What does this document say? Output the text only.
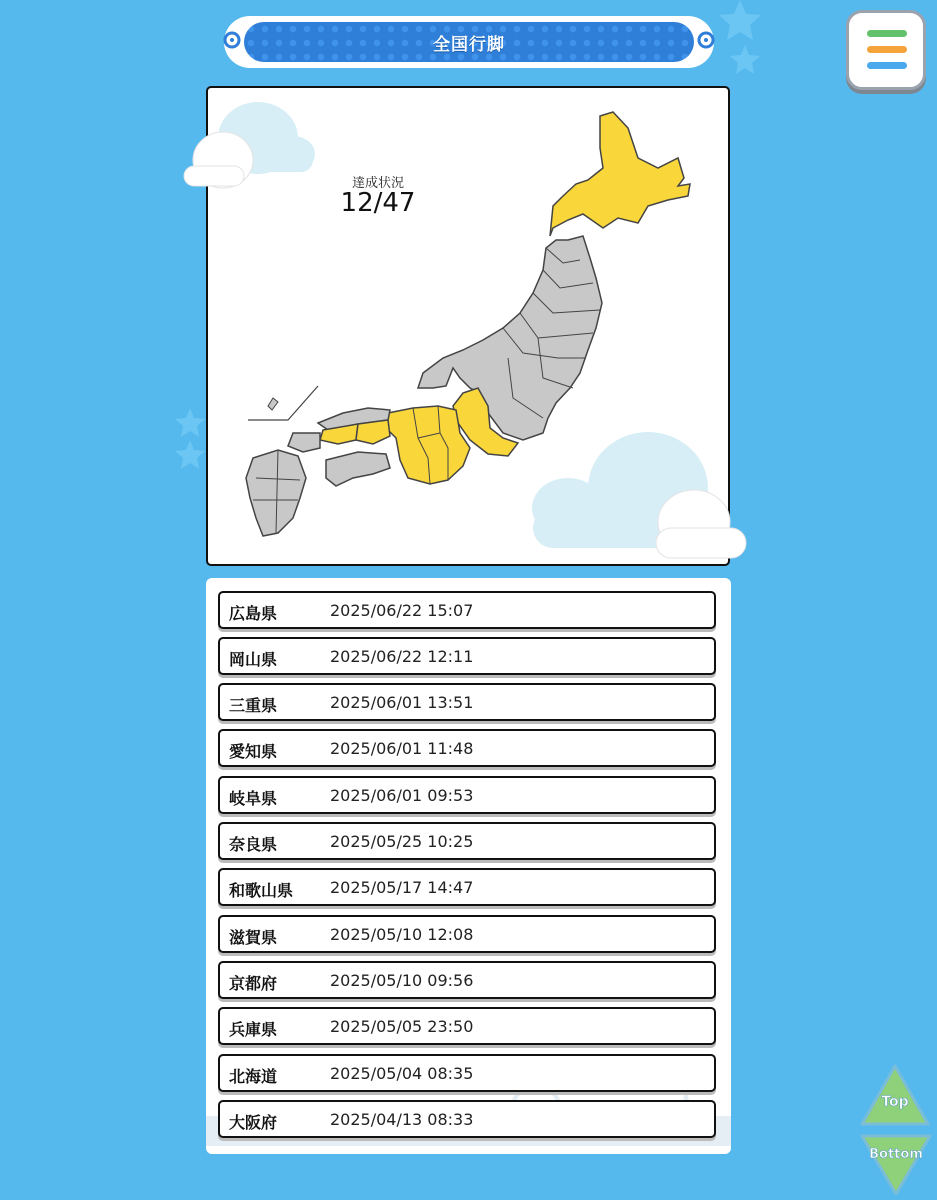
全国行脚
達成状況
12/47
広島県	2025/06/22 15:07
岡山県	2025/06/22 12:11
三重県	2025/06/01 13:51
愛知県	2025/06/01 11:48
岐阜県	2025/06/01 09:53
奈良県	2025/05/25 10:25
和歌山県 2025/05/17 14:47
滋賀県	2025/05/10 12:08
京都府	2025/05/10 09:56
兵庫県	2025/05/05 23:50
北海道	2025/05/04 08:35
大阪府	2025/04/13 08:33
Top
Bottom
